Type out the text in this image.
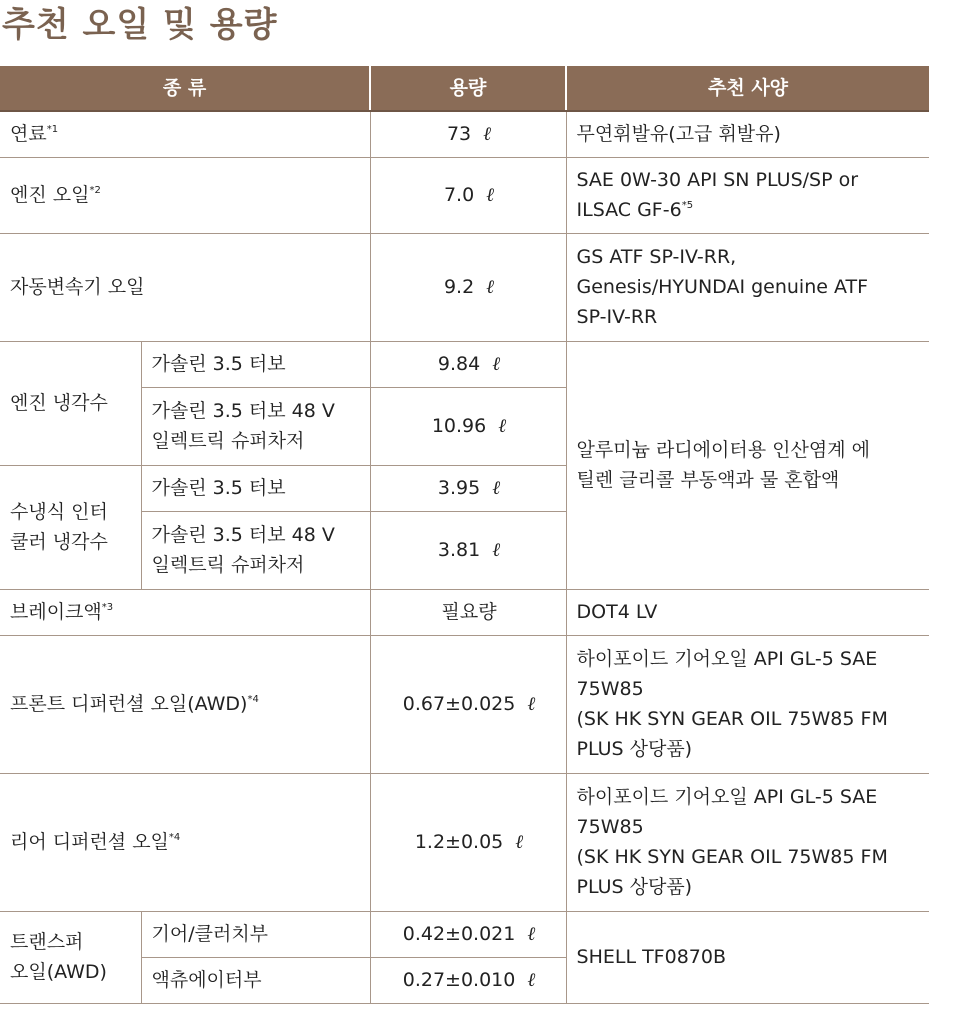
추천 오일 및 용량
종 류		용량	추천 사양
연료$^{*1}$		73 ℓ	무연휘발유(고급 휘발유)
엔진 오일$^{*2}$		7.0 ℓ	SAE 0W-30 API SN PLUS/SP or
ILSAC GF-6$^{*5}$
자동변속기 오일		9.2 ℓ	GS ATF SP-IV-RR,
Genesis/HYUNDAI genuine ATF
SP-IV-RR
엔진 냉각수	가솔린 3.5 터보	9.84 ℓ	알루미늄 라디에이터용 인산염계 에
틸렌 글리콜 부동액과 물 혼합액
	가솔린 3.5 터보 48 V
일렉트릭 슈퍼차저	10.96 ℓ	
수냉식 인터
쿨러 냉각수	가솔린 3.5 터보	3.95 ℓ	
	가솔린 3.5 터보 48 V
일렉트릭 슈퍼차저	3.81 ℓ	
브레이크액$^{*3}$		필요량	DOT4 LV
프론트 디퍼런셜 오일(AWD)$^{*4}$		0.67±0.025 ℓ	하이포이드 기어오일 API GL-5 SAE
75W85
(SK HK SYN GEAR OIL 75W85 FM
PLUS 상당품)
리어 디퍼런셜 오일$^{*4}$		1.2±0.05 ℓ	하이포이드 기어오일 API GL-5 SAE
75W85
(SK HK SYN GEAR OIL 75W85 FM
PLUS 상당품)
트랜스퍼
오일(AWD)	기어/클러치부	0.42±0.021 ℓ	SHELL TF0870B
	액츄에이터부	0.27±0.010 ℓ	
